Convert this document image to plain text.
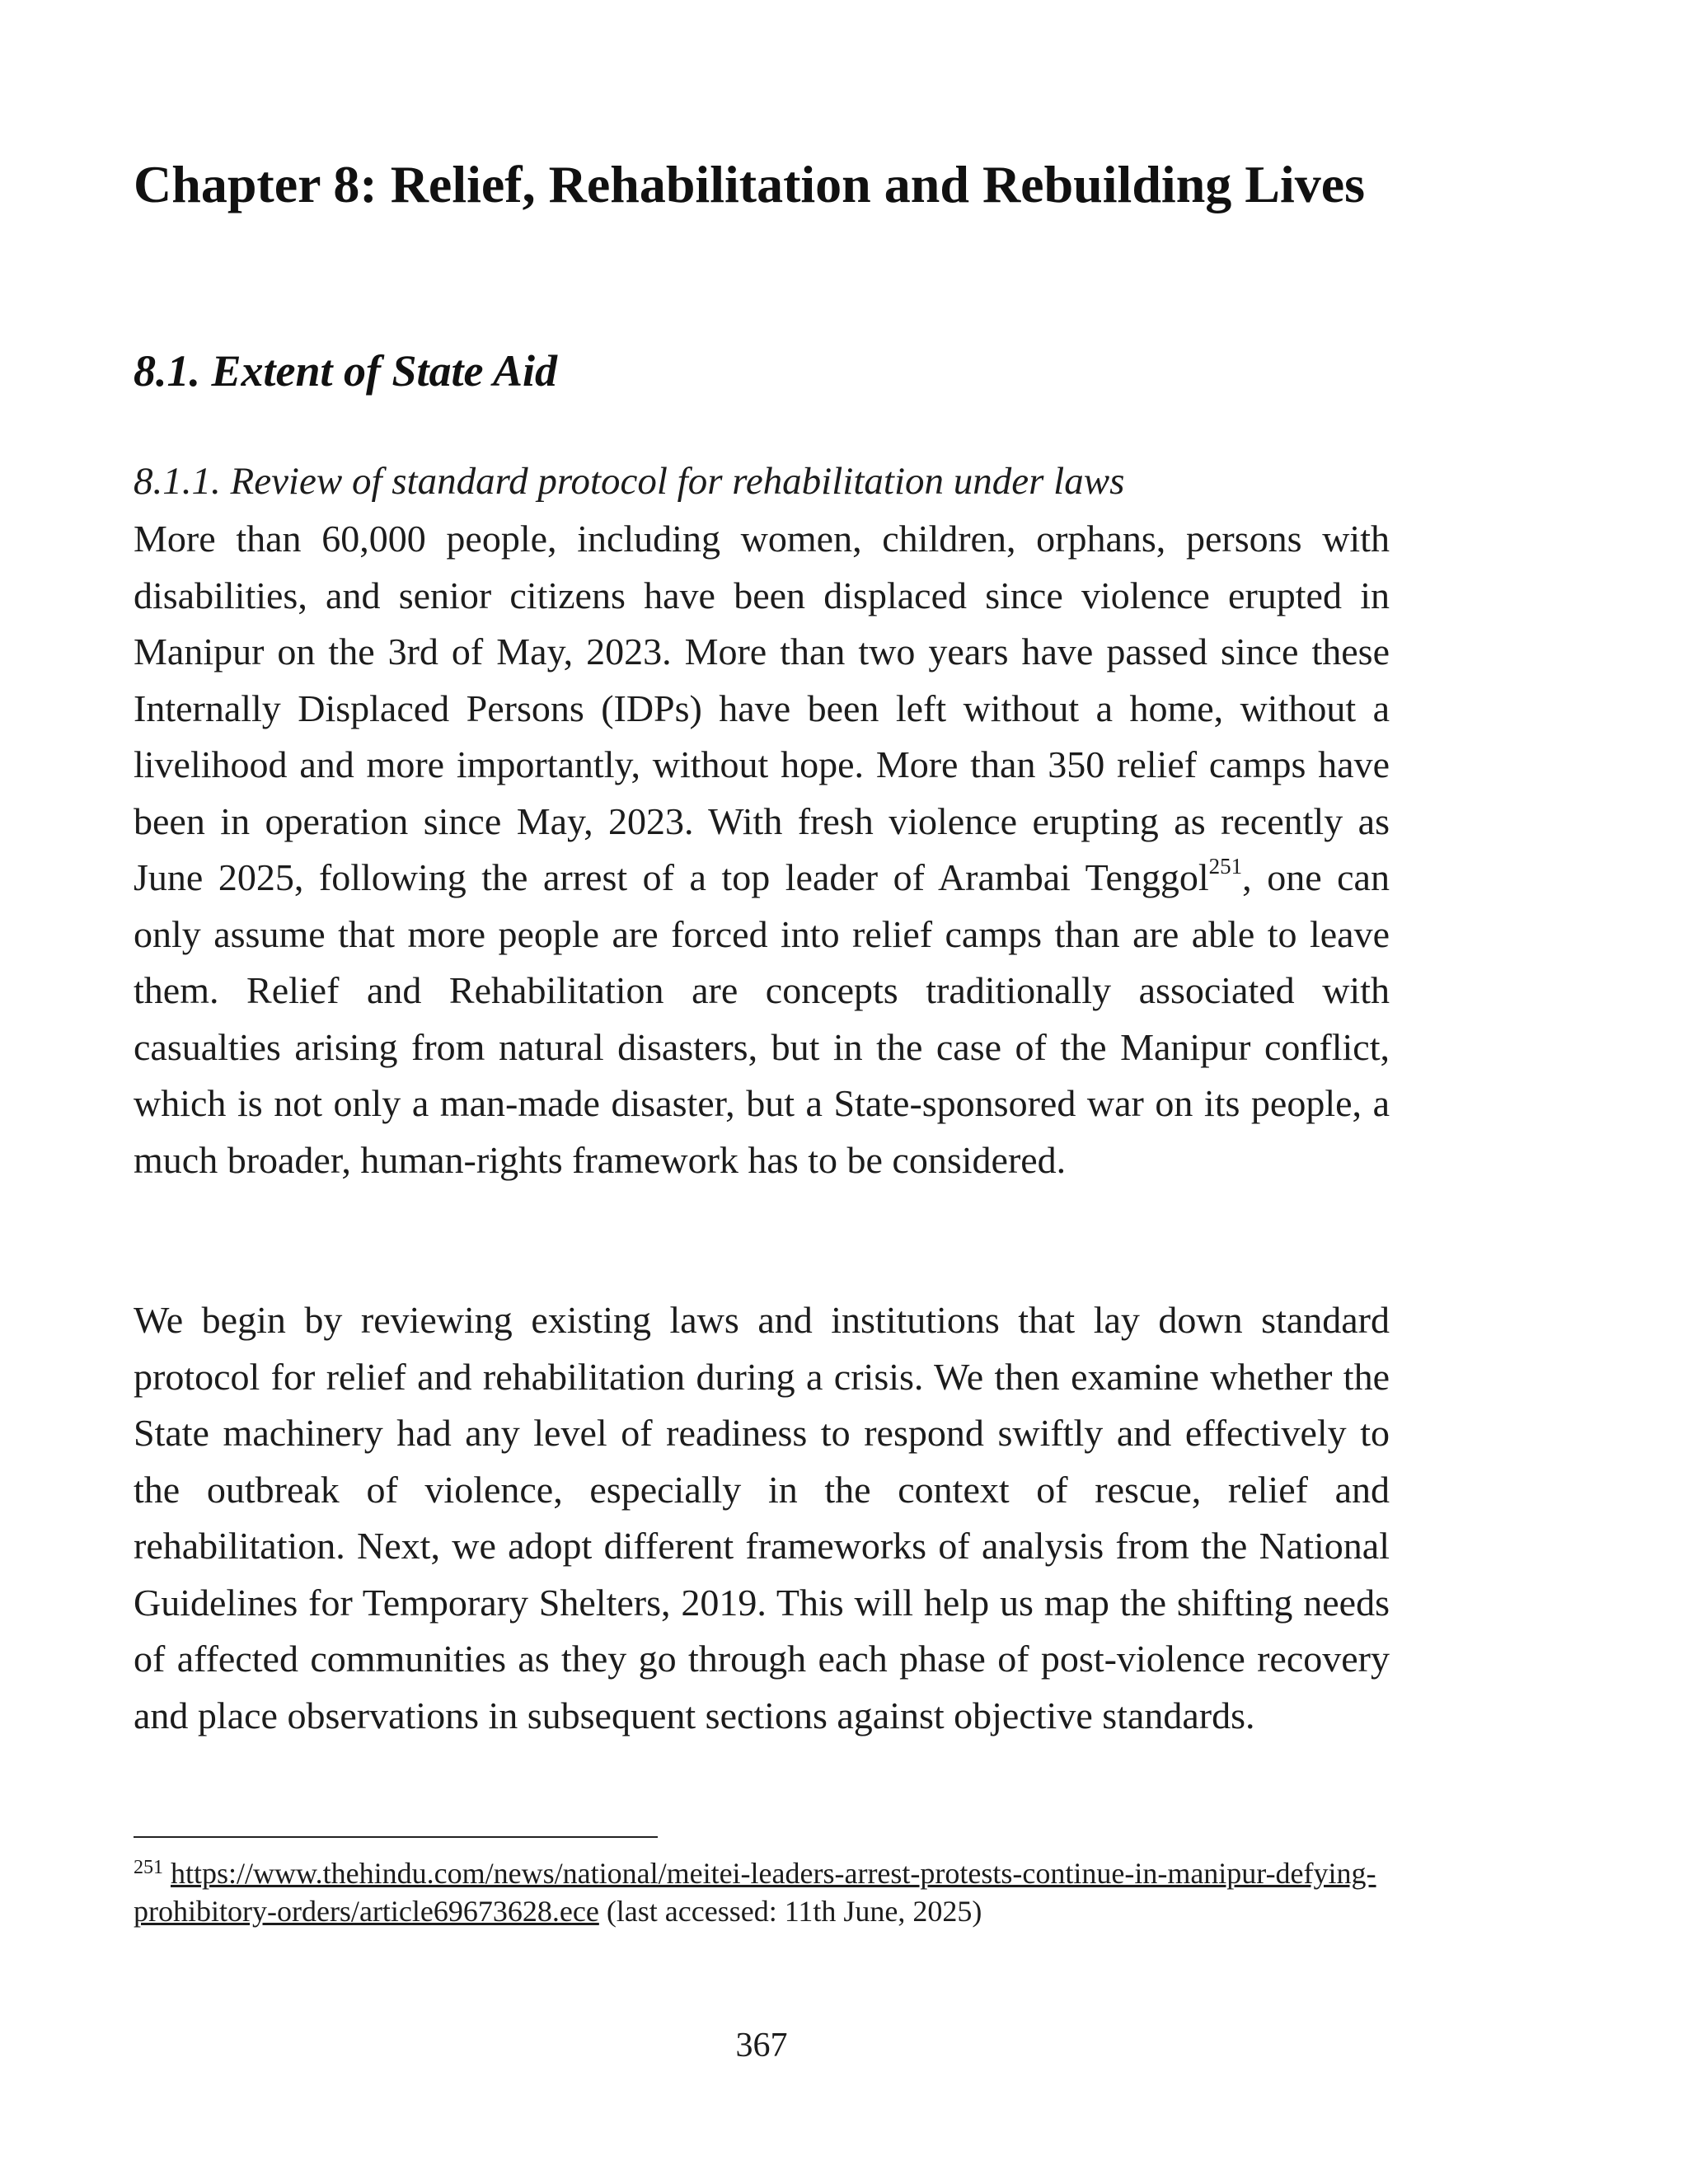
Chapter 8: Relief, Rehabilitation and Rebuilding Lives
8.1. Extent of State Aid
8.1.1. Review of standard protocol for rehabilitation under laws

More than 60,000 people, including women, children, orphans, persons with disabilities, and senior citizens have been displaced since violence erupted in Manipur on the 3rd of May, 2023. More than two years have passed since these Internally Displaced Persons (IDPs) have been left without a home, without a livelihood and more importantly, without hope. More than 350 relief camps have been in operation since May, 2023. With fresh violence erupting as recently as June 2025, following the arrest of a top leader of Arambai Tenggol$^{251}$, one can only assume that more people are forced into relief camps than are able to leave them. Relief and Rehabilitation are concepts traditionally associated with casualties arising from natural disasters, but in the case of the Manipur conflict, which is not only a man-made disaster, but a State-sponsored war on its people, a much broader, human-rights framework has to be considered.

We begin by reviewing existing laws and institutions that lay down standard protocol for relief and rehabilitation during a crisis. We then examine whether the State machinery had any level of readiness to respond swiftly and effectively to the outbreak of violence, especially in the context of rescue, relief and rehabilitation. Next, we adopt different frameworks of analysis from the National Guidelines for Temporary Shelters, 2019. This will help us map the shifting needs of affected communities as they go through each phase of post-violence recovery and place observations in subsequent sections against objective standards.

$^{251}$ https://www.thehindu.com/news/national/meitei-leaders-arrest-protests-continue-in-manipur-defying-prohibitory-orders/article69673628.ece (last accessed: 11th June, 2025)

367
